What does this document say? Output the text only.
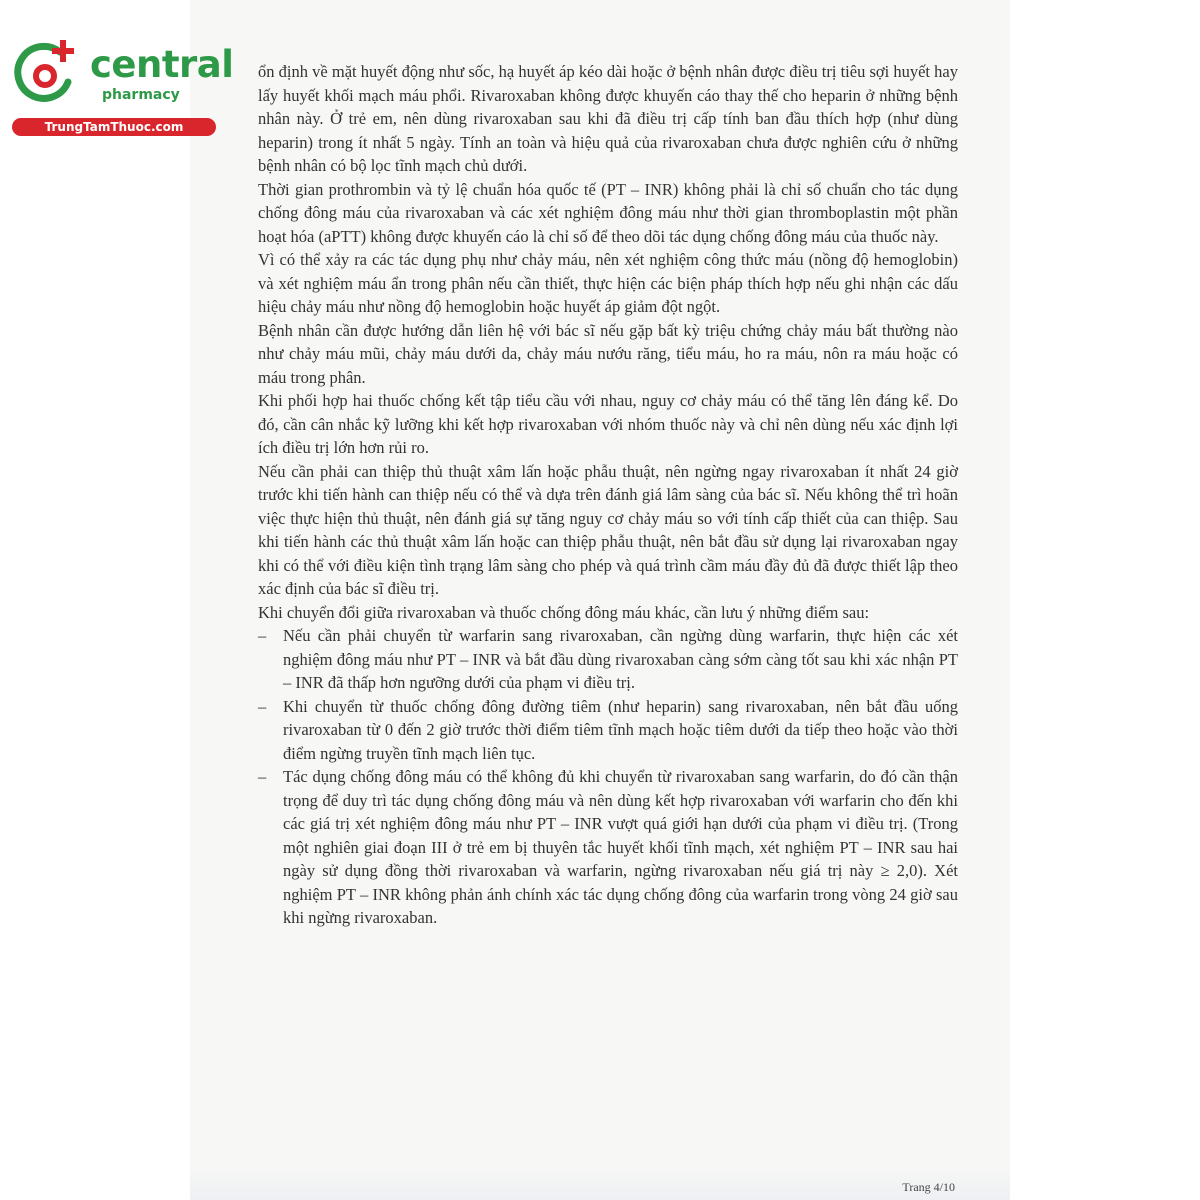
central
pharmacy
TrungTamThuoc.com

ổn định về mặt huyết động như sốc, hạ huyết áp kéo dài hoặc ở bệnh nhân được điều trị tiêu sợi huyết hay lấy huyết khối mạch máu phổi. Rivaroxaban không được khuyến cáo thay thế cho heparin ở những bệnh nhân này. Ở trẻ em, nên dùng rivaroxaban sau khi đã điều trị cấp tính ban đầu thích hợp (như dùng heparin) trong ít nhất 5 ngày. Tính an toàn và hiệu quả của rivaroxaban chưa được nghiên cứu ở những bệnh nhân có bộ lọc tĩnh mạch chủ dưới.

Thời gian prothrombin và tỷ lệ chuẩn hóa quốc tế (PT – INR) không phải là chỉ số chuẩn cho tác dụng chống đông máu của rivaroxaban và các xét nghiệm đông máu như thời gian thromboplastin một phần hoạt hóa (aPTT) không được khuyến cáo là chỉ số để theo dõi tác dụng chống đông máu của thuốc này.

Vì có thể xảy ra các tác dụng phụ như chảy máu, nên xét nghiệm công thức máu (nồng độ hemoglobin) và xét nghiệm máu ẩn trong phân nếu cần thiết, thực hiện các biện pháp thích hợp nếu ghi nhận các dấu hiệu chảy máu như nồng độ hemoglobin hoặc huyết áp giảm đột ngột.

Bệnh nhân cần được hướng dẫn liên hệ với bác sĩ nếu gặp bất kỳ triệu chứng chảy máu bất thường nào như chảy máu mũi, chảy máu dưới da, chảy máu nướu răng, tiểu máu, ho ra máu, nôn ra máu hoặc có máu trong phân.

Khi phối hợp hai thuốc chống kết tập tiểu cầu với nhau, nguy cơ chảy máu có thể tăng lên đáng kể. Do đó, cần cân nhắc kỹ lưỡng khi kết hợp rivaroxaban với nhóm thuốc này và chỉ nên dùng nếu xác định lợi ích điều trị lớn hơn rủi ro.

Nếu cần phải can thiệp thủ thuật xâm lấn hoặc phẫu thuật, nên ngừng ngay rivaroxaban ít nhất 24 giờ trước khi tiến hành can thiệp nếu có thể và dựa trên đánh giá lâm sàng của bác sĩ. Nếu không thể trì hoãn việc thực hiện thủ thuật, nên đánh giá sự tăng nguy cơ chảy máu so với tính cấp thiết của can thiệp. Sau khi tiến hành các thủ thuật xâm lấn hoặc can thiệp phẫu thuật, nên bắt đầu sử dụng lại rivaroxaban ngay khi có thể với điều kiện tình trạng lâm sàng cho phép và quá trình cầm máu đầy đủ đã được thiết lập theo xác định của bác sĩ điều trị.

Khi chuyển đổi giữa rivaroxaban và thuốc chống đông máu khác, cần lưu ý những điểm sau:

–	Nếu cần phải chuyển từ warfarin sang rivaroxaban, cần ngừng dùng warfarin, thực hiện các xét nghiệm đông máu như PT – INR và bắt đầu dùng rivaroxaban càng sớm càng tốt sau khi xác nhận PT – INR đã thấp hơn ngưỡng dưới của phạm vi điều trị.
–	Khi chuyển từ thuốc chống đông đường tiêm (như heparin) sang rivaroxaban, nên bắt đầu uống rivaroxaban từ 0 đến 2 giờ trước thời điểm tiêm tĩnh mạch hoặc tiêm dưới da tiếp theo hoặc vào thời điểm ngừng truyền tĩnh mạch liên tục.
–	Tác dụng chống đông máu có thể không đủ khi chuyển từ rivaroxaban sang warfarin, do đó cần thận trọng để duy trì tác dụng chống đông máu và nên dùng kết hợp rivaroxaban với warfarin cho đến khi các giá trị xét nghiệm đông máu như PT – INR vượt quá giới hạn dưới của phạm vi điều trị. (Trong một nghiên giai đoạn III ở trẻ em bị thuyên tắc huyết khối tĩnh mạch, xét nghiệm PT – INR sau hai ngày sử dụng đồng thời rivaroxaban và warfarin, ngừng rivaroxaban nếu giá trị này ≥ 2,0). Xét nghiệm PT – INR không phản ánh chính xác tác dụng chống đông của warfarin trong vòng 24 giờ sau khi ngừng rivaroxaban.
Trang 4/10
